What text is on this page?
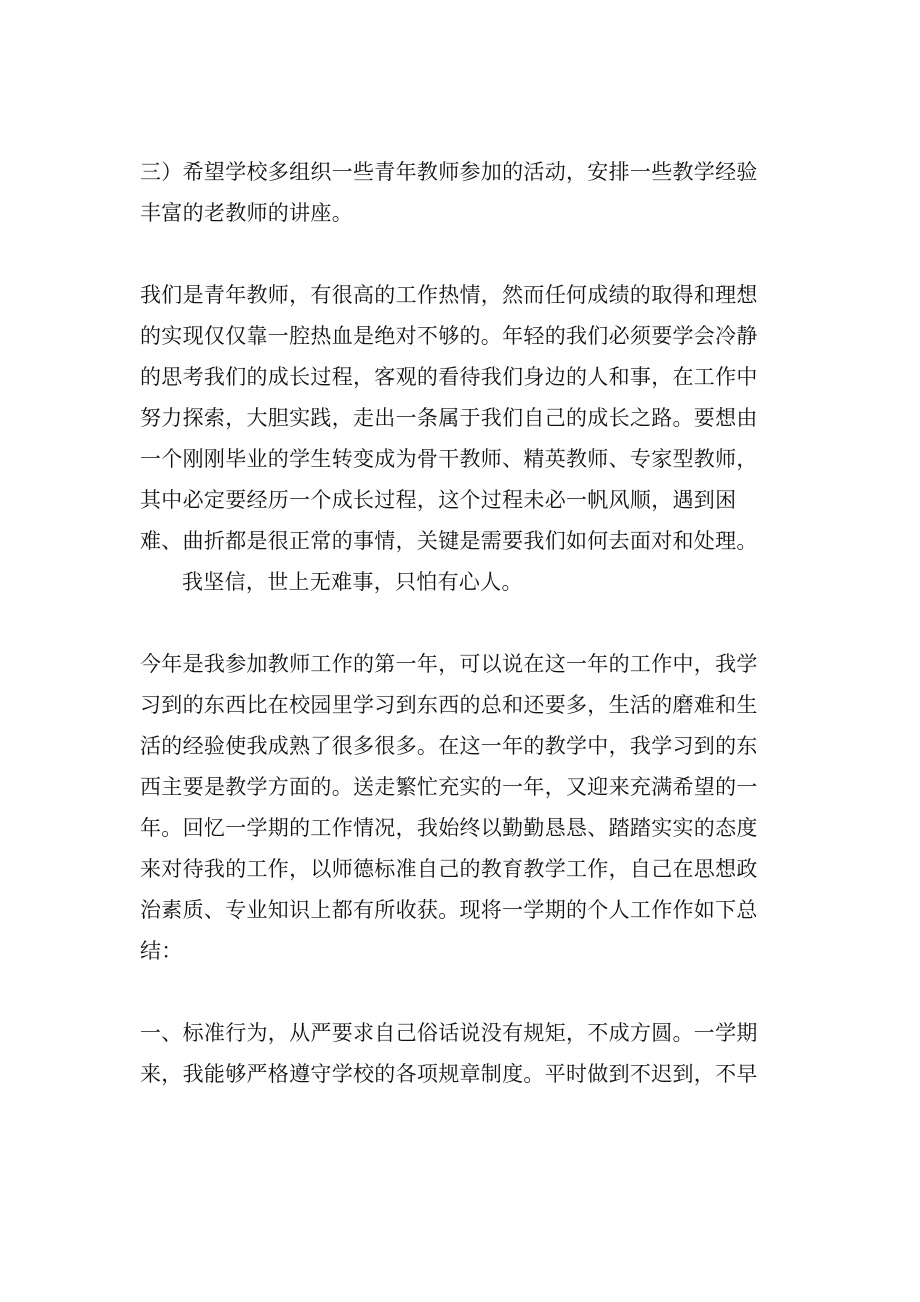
三）希望学校多组织一些青年教师参加的活动，安排一些教学经验丰富的老教师的讲座。

我们是青年教师，有很高的工作热情，然而任何成绩的取得和理想的实现仅仅靠一腔热血是绝对不够的。年轻的我们必须要学会冷静的思考我们的成长过程，客观的看待我们身边的人和事，在工作中努力探索，大胆实践，走出一条属于我们自己的成长之路。要想由一个刚刚毕业的学生转变成为骨干教师、精英教师、专家型教师，其中必定要经历一个成长过程，这个过程未必一帆风顺，遇到困难、曲折都是很正常的事情，关键是需要我们如何去面对和处理。

我坚信，世上无难事，只怕有心人。

今年是我参加教师工作的第一年，可以说在这一年的工作中，我学习到的东西比在校园里学习到东西的总和还要多，生活的磨难和生活的经验使我成熟了很多很多。在这一年的教学中，我学习到的东西主要是教学方面的。送走繁忙充实的一年，又迎来充满希望的一年。回忆一学期的工作情况，我始终以勤勤恳恳、踏踏实实的态度来对待我的工作，以师德标准自己的教育教学工作，自己在思想政治素质、专业知识上都有所收获。现将一学期的个人工作作如下总结：

一、标准行为，从严要求自己俗话说没有规矩，不成方圆。一学期来，我能够严格遵守学校的各项规章制度。平时做到不迟到，不早
